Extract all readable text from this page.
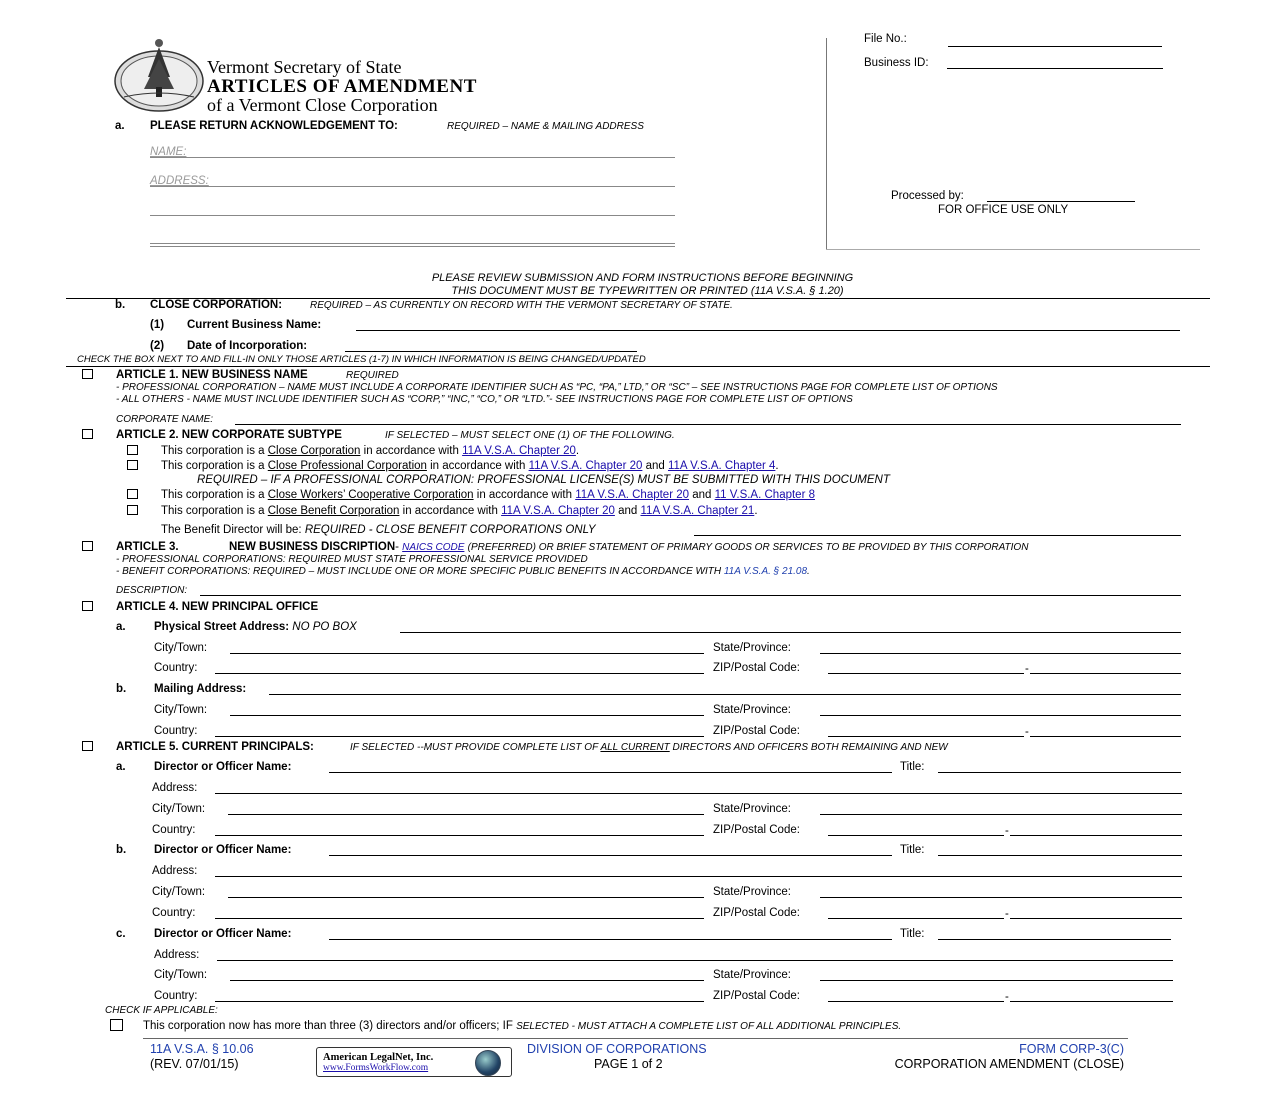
Vermont Secretary of State
ARTICLES OF AMENDMENT
of a Vermont Close Corporation
File No.:
Business ID:
Processed by:
FOR OFFICE USE ONLY
a. PLEASE RETURN ACKNOWLEDGEMENT TO:	REQUIRED – NAME & MAILING ADDRESS
NAME:
ADDRESS:
PLEASE REVIEW SUBMISSION AND FORM INSTRUCTIONS BEFORE BEGINNING
THIS DOCUMENT MUST BE TYPEWRITTEN OR PRINTED (11A V.S.A. § 1.20)
b. CLOSE CORPORATION:	REQUIRED – AS CURRENTLY ON RECORD WITH THE VERMONT SECRETARY OF STATE.
(1) Current Business Name:
(2) Date of Incorporation:
CHECK THE BOX NEXT TO AND FILL-IN ONLY THOSE ARTICLES (1-7) IN WHICH INFORMATION IS BEING CHANGED/UPDATED
ARTICLE 1. NEW BUSINESS NAME	REQUIRED
- PROFESSIONAL CORPORATION – NAME MUST INCLUDE A CORPORATE IDENTIFIER SUCH AS “PC, “PA,” LTD,” OR “SC” – SEE INSTRUCTIONS PAGE FOR COMPLETE LIST OF OPTIONS
- ALL OTHERS - NAME MUST INCLUDE IDENTIFIER SUCH AS “CORP,” “INC,” “CO,” OR “LTD.”- SEE INSTRUCTIONS PAGE FOR COMPLETE LIST OF OPTIONS
CORPORATE NAME:
ARTICLE 2. NEW CORPORATE SUBTYPE	IF SELECTED – MUST SELECT ONE (1) OF THE FOLLOWING.
This corporation is a Close Corporation in accordance with 11A V.S.A. Chapter 20.
This corporation is a Close Professional Corporation in accordance with 11A V.S.A. Chapter 20 and 11A V.S.A. Chapter 4.
REQUIRED – IF A PROFESSIONAL CORPORATION: PROFESSIONAL LICENSE(S) MUST BE SUBMITTED WITH THIS DOCUMENT
This corporation is a Close Workers’ Cooperative Corporation in accordance with 11A V.S.A. Chapter 20 and 11 V.S.A. Chapter 8
This corporation is a Close Benefit Corporation in accordance with 11A V.S.A. Chapter 20 and 11A V.S.A. Chapter 21.
The Benefit Director will be: REQUIRED - CLOSE BENEFIT CORPORATIONS ONLY
ARTICLE 3.	NEW BUSINESS DISCRIPTION- NAICS CODE (PREFERRED) OR BRIEF STATEMENT OF PRIMARY GOODS OR SERVICES TO BE PROVIDED BY THIS CORPORATION
- PROFESSIONAL CORPORATIONS: REQUIRED MUST STATE PROFESSIONAL SERVICE PROVIDED
- BENEFIT CORPORATIONS: REQUIRED – MUST INCLUDE ONE OR MORE SPECIFIC PUBLIC BENEFITS IN ACCORDANCE WITH 11A V.S.A. § 21.08.
DESCRIPTION:
ARTICLE 4. NEW PRINCIPAL OFFICE
a. Physical Street Address: NO PO BOX
City/Town:	State/Province:
Country:	ZIP/Postal Code:	-
b. Mailing Address:
City/Town:	State/Province:
Country:	ZIP/Postal Code:	-
ARTICLE 5. CURRENT PRINCIPALS:	IF SELECTED --MUST PROVIDE COMPLETE LIST OF ALL CURRENT DIRECTORS AND OFFICERS BOTH REMAINING AND NEW
a. Director or Officer Name:	Title:
Address:
City/Town:	State/Province:
Country:	ZIP/Postal Code:	-
b. Director or Officer Name:	Title:
Address:
City/Town:	State/Province:
Country:	ZIP/Postal Code:	-
c. Director or Officer Name:	Title:
Address:
City/Town:	State/Province:
Country:	ZIP/Postal Code:	-
CHECK IF APPLICABLE:
This corporation now has more than three (3) directors and/or officers; IF SELECTED - MUST ATTACH A COMPLETE LIST OF ALL ADDITIONAL PRINCIPLES.
11A V.S.A. § 10.06
(REV. 07/01/15)	American LegalNet, Inc.
www.FormsWorkFlow.com
DIVISION OF CORPORATIONS
PAGE 1 of 2
FORM CORP-3(C)
CORPORATION AMENDMENT (CLOSE)
